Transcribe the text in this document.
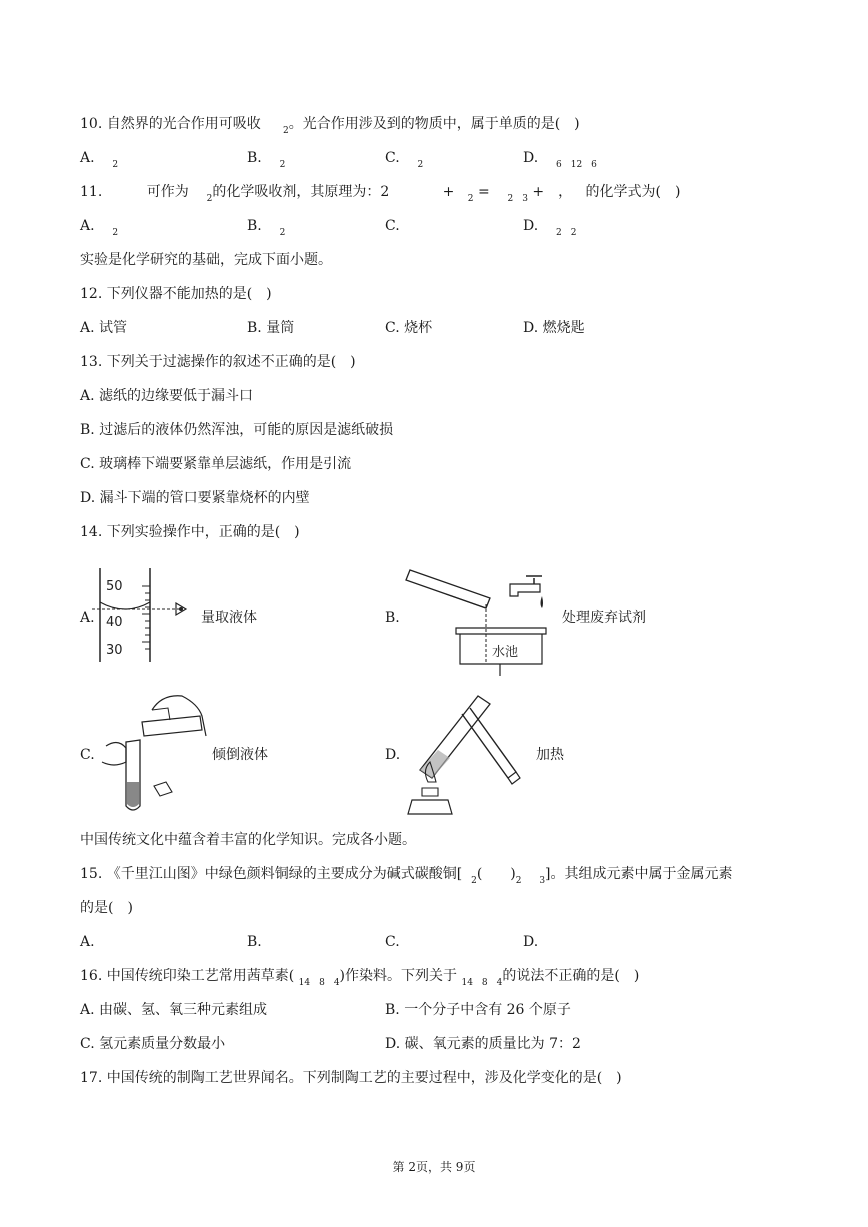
10. 自然界的光合作用可吸收 $_2$。光合作用涉及到的物质中，属于单质的是(　)
A. $_2$	B. $_2$	C. $_2$	D. $_{6 12 6}$
11.	可作为 $_2$的化学吸收剂，其原理为：2	+ $_2$ = $_{2 3}$ +　， 的化学式为(　)
A. $_2$	B. $_2$	C.	D. $_{2 2}$
实验是化学研究的基础，完成下面小题。
12. 下列仪器不能加热的是(　)
A. 试管	B. 量筒	C. 烧杯	D. 燃烧匙
13. 下列关于过滤操作的叙述不正确的是(　)
A. 滤纸的边缘要低于漏斗口
B. 过滤后的液体仍然浑浊，可能的原因是滤纸破损
C. 玻璃棒下端要紧靠单层滤纸，作用是引流
D. 漏斗下端的管口要紧靠烧杯的内壁
14. 下列实验操作中，正确的是(　)
A.
50
40
30
量取液体	B.
水池
处理废弃试剂
C.	倾倒液体	D.	加热
中国传统文化中蕴含着丰富的化学知识。完成各小题。
15. 《千里江山图》中绿色颜料铜绿的主要成分为碱式碳酸铜[ $_2$(　　)$_2$ $_3$]。其组成元素中属于金属元素
的是(　)
A.	B.	C.	D.
16. 中国传统印染工艺常用茜草素( $_{14 8 4}$)作染料。下列关于 $_{14 8 4}$的说法不正确的是(　)
A. 由碳、氢、氧三种元素组成	B. 一个分子中含有 26 个原子
C. 氢元素质量分数最小	D. 碳、氧元素的质量比为 7：2
17. 中国传统的制陶工艺世界闻名。下列制陶工艺的主要过程中，涉及化学变化的是(　)
第 2页，共 9页
